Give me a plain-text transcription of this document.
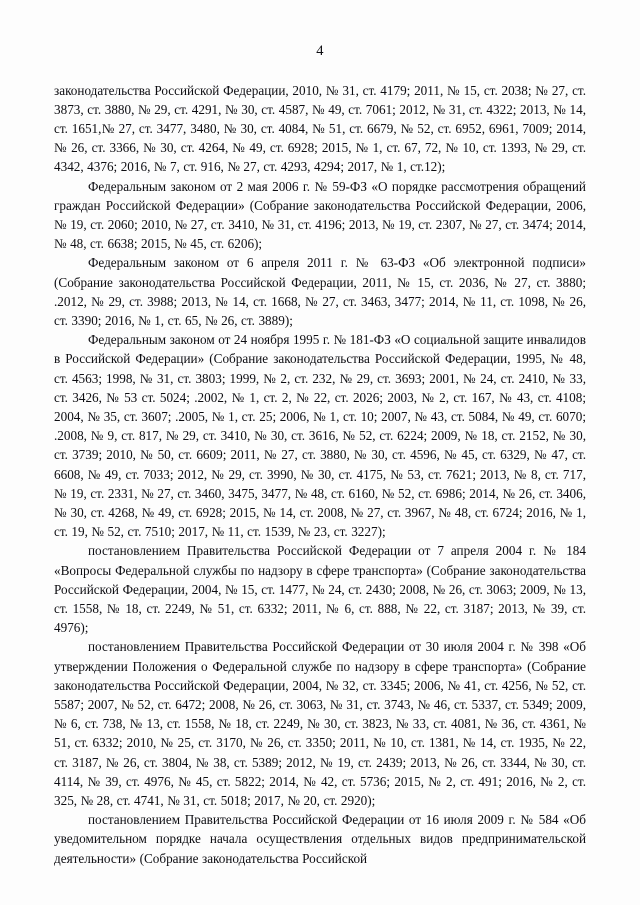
4

законодательства Российской Федерации, 2010, № 31, ст. 4179; 2011, № 15, ст. 2038; № 27, ст. 3873, ст. 3880, № 29, ст. 4291, № 30, ст. 4587, № 49, ст. 7061; 2012, № 31, ст. 4322; 2013, № 14, ст. 1651,№ 27, ст. 3477, 3480, № 30, ст. 4084, № 51, ст. 6679, № 52, ст. 6952, 6961, 7009; 2014, № 26, ст. 3366, № 30, ст. 4264, № 49, ст. 6928; 2015, № 1, ст. 67, 72, № 10, ст. 1393, № 29, ст. 4342, 4376; 2016, № 7, ст. 916, № 27, ст. 4293, 4294; 2017, № 1, ст.12);

Федеральным законом от 2 мая 2006 г. № 59-ФЗ «О порядке рассмотрения обращений граждан Российской Федерации» (Собрание законодательства Российской Федерации, 2006, № 19, ст. 2060; 2010, № 27, ст. 3410, № 31, ст. 4196; 2013, № 19, ст. 2307, № 27, ст. 3474; 2014, № 48, ст. 6638; 2015, № 45, ст. 6206);

Федеральным законом от 6 апреля 2011 г. № 63-ФЗ «Об электронной подписи» (Собрание законодательства Российской Федерации, 2011, № 15, ст. 2036, № 27, ст. 3880; .2012, № 29, ст. 3988; 2013, № 14, ст. 1668, № 27, ст. 3463, 3477; 2014, № 11, ст. 1098, № 26, ст. 3390; 2016, № 1, ст. 65, № 26, ст. 3889);

Федеральным законом от 24 ноября 1995 г. № 181-ФЗ «О социальной защите инвалидов в Российской Федерации» (Собрание законодательства Российской Федерации, 1995, № 48, ст. 4563; 1998, № 31, ст. 3803; 1999, № 2, ст. 232, № 29, ст. 3693; 2001, № 24, ст. 2410, № 33, ст. 3426, № 53 ст. 5024; .2002, № 1, ст. 2, № 22, ст. 2026; 2003, № 2, ст. 167, № 43, ст. 4108; 2004, № 35, ст. 3607; .2005, № 1, ст. 25; 2006, № 1, ст. 10; 2007, № 43, ст. 5084, № 49, ст. 6070; .2008, № 9, ст. 817, № 29, ст. 3410, № 30, ст. 3616, № 52, ст. 6224; 2009, № 18, ст. 2152, № 30, ст. 3739; 2010, № 50, ст. 6609; 2011, № 27, ст. 3880, № 30, ст. 4596, № 45, ст. 6329, № 47, ст. 6608, № 49, ст. 7033; 2012, № 29, ст. 3990, № 30, ст. 4175, № 53, ст. 7621; 2013, № 8, ст. 717, № 19, ст. 2331, № 27, ст. 3460, 3475, 3477, № 48, ст. 6160, № 52, ст. 6986; 2014, № 26, ст. 3406, № 30, ст. 4268, № 49, ст. 6928; 2015, № 14, ст. 2008, № 27, ст. 3967, № 48, ст. 6724; 2016, № 1, ст. 19, № 52, ст. 7510; 2017, № 11, ст. 1539, № 23, ст. 3227);

постановлением Правительства Российской Федерации от 7 апреля 2004 г. № 184 «Вопросы Федеральной службы по надзору в сфере транспорта» (Собрание законодательства Российской Федерации, 2004, № 15, ст. 1477, № 24, ст. 2430; 2008, № 26, ст. 3063; 2009, № 13, ст. 1558, № 18, ст. 2249, № 51, ст. 6332; 2011, № 6, ст. 888, № 22, ст. 3187; 2013, № 39, ст. 4976);

постановлением Правительства Российской Федерации от 30 июля 2004 г. № 398 «Об утверждении Положения о Федеральной службе по надзору в сфере транспорта» (Собрание законодательства Российской Федерации, 2004, № 32, ст. 3345; 2006, № 41, ст. 4256, № 52, ст. 5587; 2007, № 52, ст. 6472; 2008, № 26, ст. 3063, № 31, ст. 3743, № 46, ст. 5337, ст. 5349; 2009, № 6, ст. 738, № 13, ст. 1558, № 18, ст. 2249, № 30, ст. 3823, № 33, ст. 4081, № 36, ст. 4361, № 51, ст. 6332; 2010, № 25, ст. 3170, № 26, ст. 3350; 2011, № 10, ст. 1381, № 14, ст. 1935, № 22, ст. 3187, № 26, ст. 3804, № 38, ст. 5389; 2012, № 19, ст. 2439; 2013, № 26, ст. 3344, № 30, ст. 4114, № 39, ст. 4976, № 45, ст. 5822; 2014, № 42, ст. 5736; 2015, № 2, ст. 491; 2016, № 2, ст. 325, № 28, ст. 4741, № 31, ст. 5018; 2017, № 20, ст. 2920);

постановлением Правительства Российской Федерации от 16 июля 2009 г. № 584 «Об уведомительном порядке начала осуществления отдельных видов предпринимательской деятельности» (Собрание законодательства Российской
